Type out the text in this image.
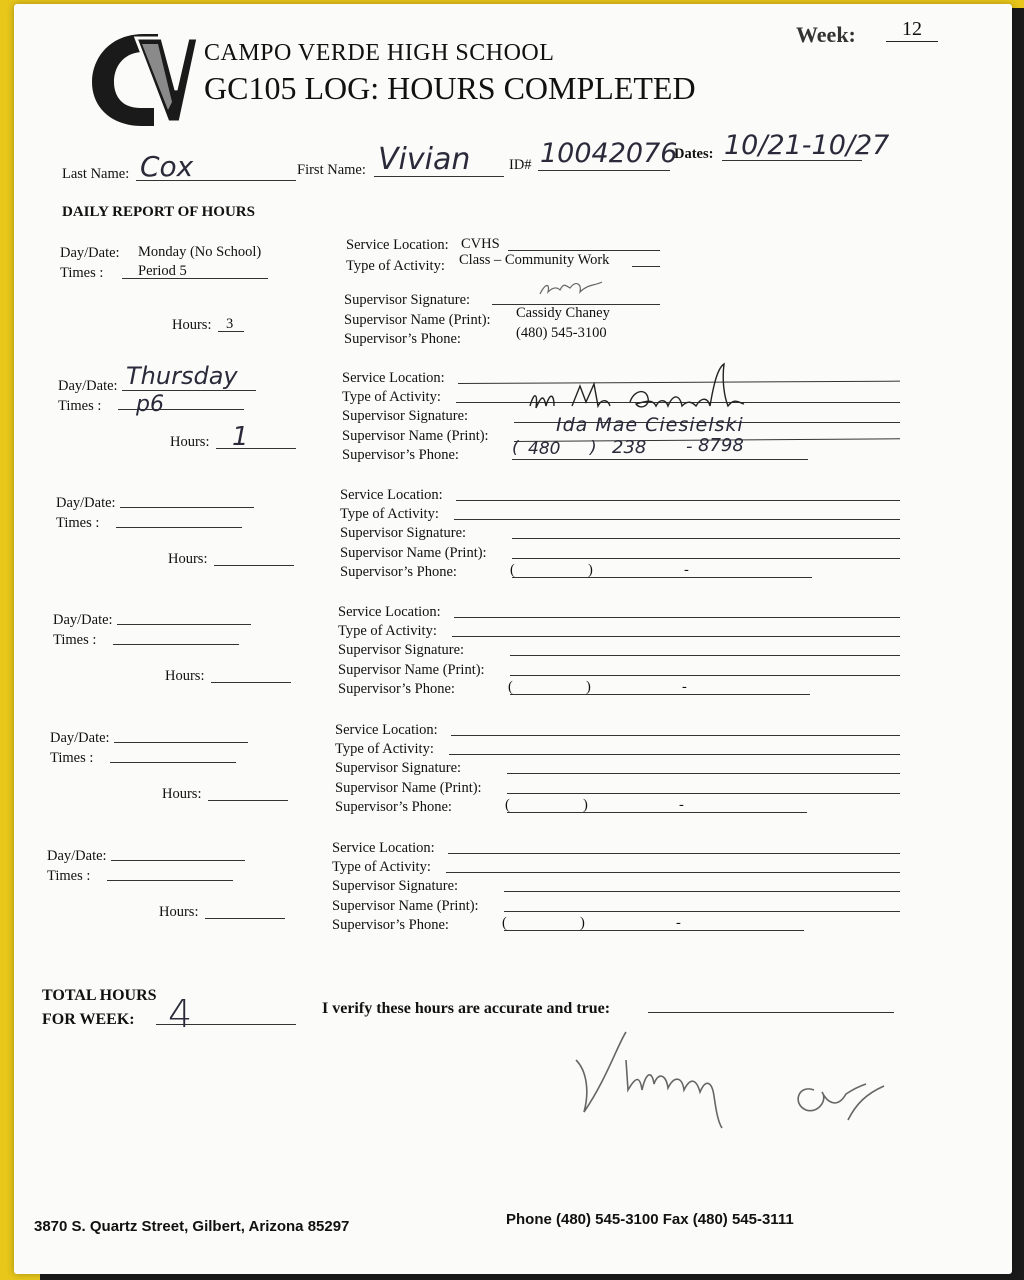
CAMPO VERDE HIGH SCHOOL
GC105 LOG: HOURS COMPLETED
Week:	12
Last Name: Cox	First Name: Vivian	ID# 10042076
Dates: 10/21-10/27
DAILY REPORT OF HOURS
Day/Date: Monday (No School)
Times : Period 5
Hours: 3
Service Location: CVHS
Type of Activity: Class – Community Work
Supervisor Signature:
Supervisor Name (Print): Cassidy Chaney
Supervisor’s Phone:	(480) 545-3100
Day/Date: Thursday
Times : p6
Hours: 1
Service Location:
Type of Activity:
Supervisor Signature:
Supervisor Name (Print):	Ida Mae Ciesielski
Supervisor’s Phone:	( 480 ) 238 - 8798
Day/Date:
Times :
Hours:
Service Location:
Type of Activity:
Supervisor Signature:
Supervisor Name (Print):
Supervisor’s Phone:	(	)	-
Day/Date:
Times :
Hours:
Service Location:
Type of Activity:
Supervisor Signature:
Supervisor Name (Print):
Supervisor’s Phone:	(	)	-
Day/Date:
Times :
Hours:
Service Location:
Type of Activity:
Supervisor Signature:
Supervisor Name (Print):
Supervisor’s Phone:	(	)	-
Day/Date:
Times :
Hours:
Service Location:
Type of Activity:
Supervisor Signature:
Supervisor Name (Print):
Supervisor’s Phone:	(	)	-
TOTAL HOURS
FOR WEEK: 4	I verify these hours are accurate and true:
3870 S. Quartz Street, Gilbert, Arizona 85297	Phone (480) 545-3100 Fax (480) 545-3111
